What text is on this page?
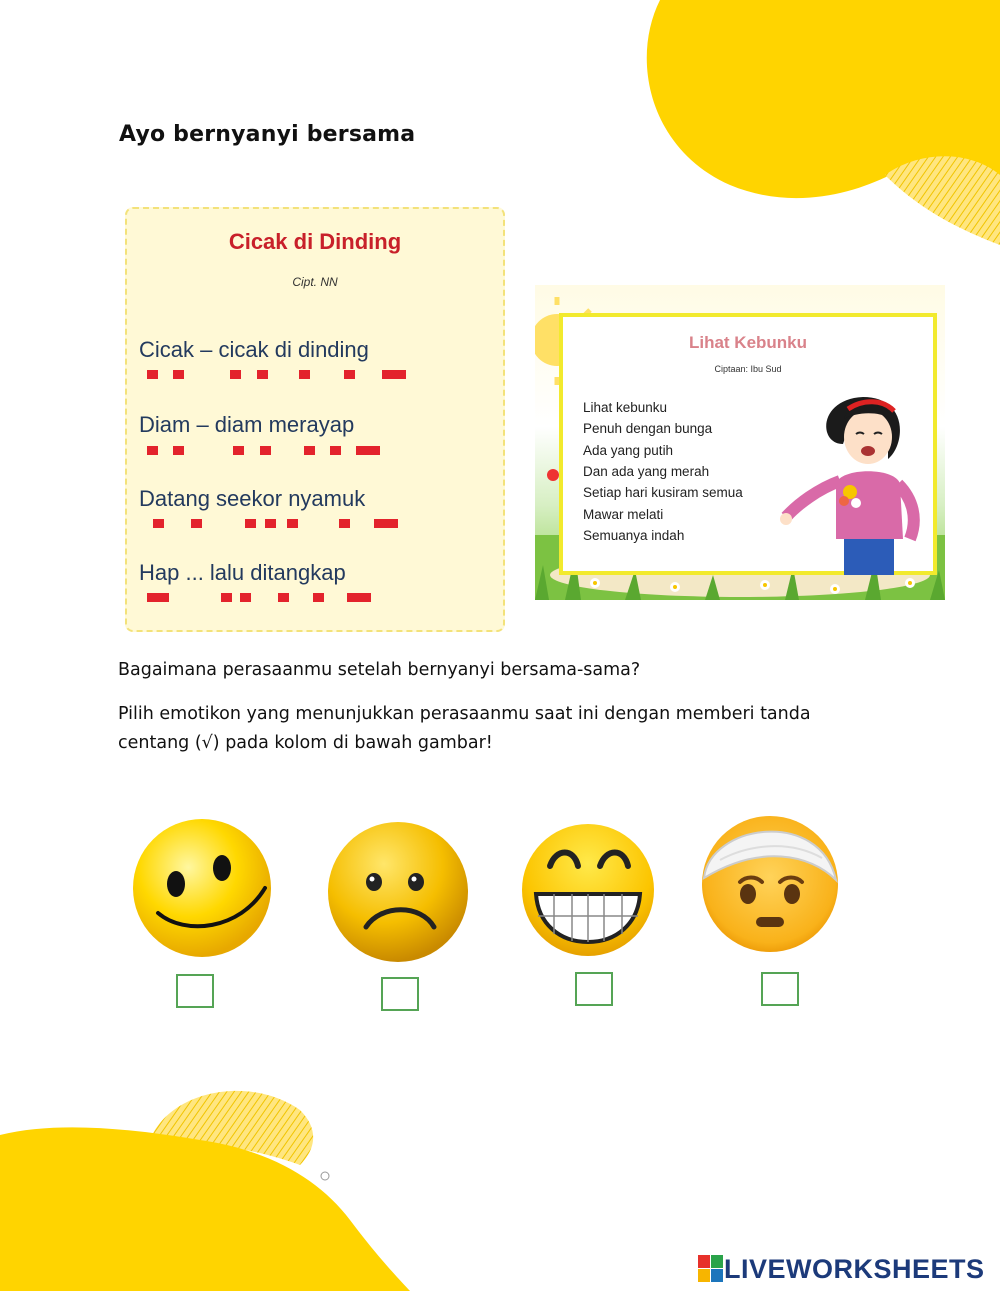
Ayo bernyanyi bersama
Cicak di Dinding
Cipt. NN
Cicak – cicak di dinding
Diam – diam merayap
Datang seekor nyamuk
Hap ... lalu ditangkap
Lihat Kebunku
Ciptaan: Ibu Sud
Lihat kebunku
Penuh dengan bunga
Ada yang putih
Dan ada yang merah
Setiap hari kusiram semua
Mawar melati
Semuanya indah

Bagaimana perasaanmu setelah bernyanyi bersama-sama?

Pilih emotikon yang menunjukkan perasaanmu saat ini dengan memberi tanda

centang (√) pada kolom di bawah gambar!

LIVEWORKSHEETS
